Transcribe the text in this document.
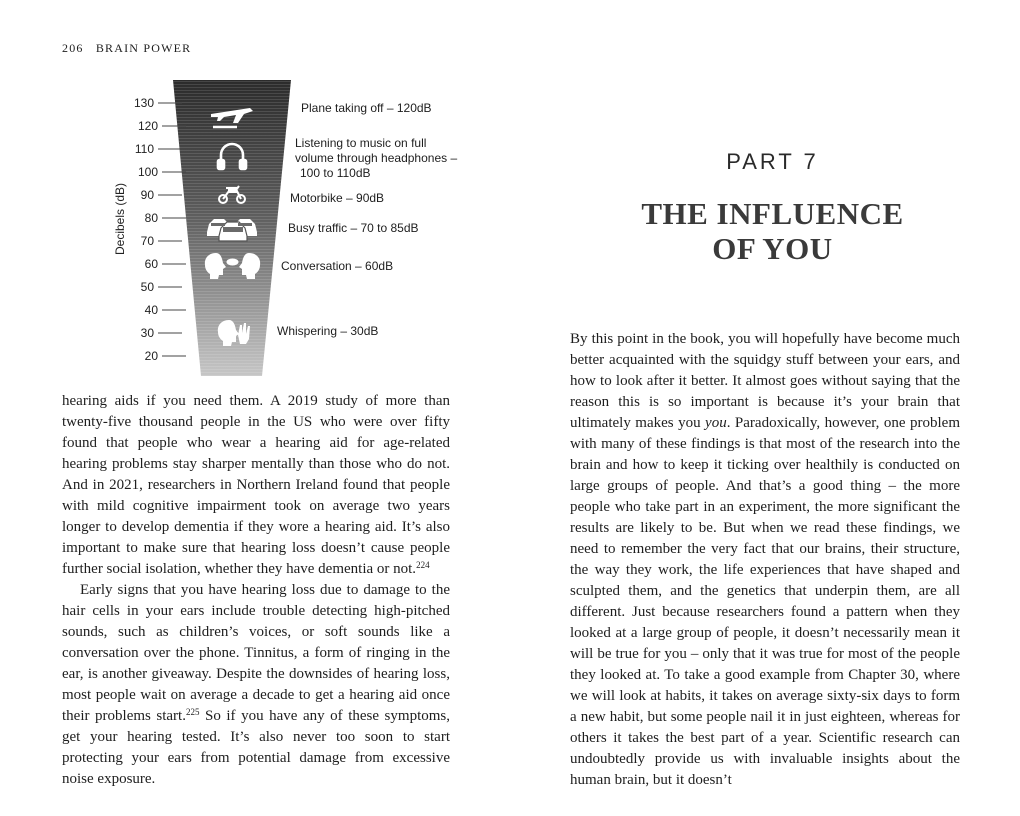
206 BRAIN POWER
Decibels (dB)
130
120
110
100
90
80
70
60
50
40
30
20
Plane taking off – 120dB
Listening to music on full
volume through headphones –
100 to 110dB
Motorbike – 90dB
Busy traffic – 70 to 85dB
Conversation – 60dB
Whispering – 30dB

hearing aids if you need them. A 2019 study of more than twenty-five thousand people in the US who were over fifty found that people who wear a hearing aid for age-related hearing problems stay sharper mentally than those who do not. And in 2021, researchers in Northern Ireland found that people with mild cognitive impairment took on average two years longer to develop dementia if they wore a hearing aid. It’s also important to make sure that hearing loss doesn’t cause people further social isolation, whether they have dementia or not.$^{224}$

Early signs that you have hearing loss due to damage to the hair cells in your ears include trouble detecting high-pitched sounds, such as children’s voices, or soft sounds like a conversation over the phone. Tinnitus, a form of ringing in the ear, is another giveaway. Despite the downsides of hearing loss, most people wait on average a decade to get a hearing aid once their problems start.$^{225}$ So if you have any of these symptoms, get your hearing tested. It’s also never too soon to start protecting your ears from potential damage from excessive noise exposure.

PART 7
THE INFLUENCE
OF YOU

By this point in the book, you will hopefully have become much better acquainted with the squidgy stuff between your ears, and how to look after it better. It almost goes without saying that the reason this is so important is because it’s your brain that ultimately makes you you. Paradoxically, however, one problem with many of these findings is that most of the research into the brain and how to keep it ticking over healthily is conducted on large groups of people. And that’s a good thing – the more people who take part in an experiment, the more significant the results are likely to be. But when we read these findings, we need to remember the very fact that our brains, their structure, the way they work, the life experiences that have shaped and sculpted them, and the genetics that underpin them, are all different. Just because researchers found a pattern when they looked at a large group of people, it doesn’t necessarily mean it will be true for you – only that it was true for most of the people they looked at. To take a good example from Chapter 30, where we will look at habits, it takes on average sixty-six days to form a new habit, but some people nail it in just eighteen, whereas for others it takes the best part of a year. Scientific research can undoubtedly provide us with invaluable insights about the human brain, but it doesn’t
